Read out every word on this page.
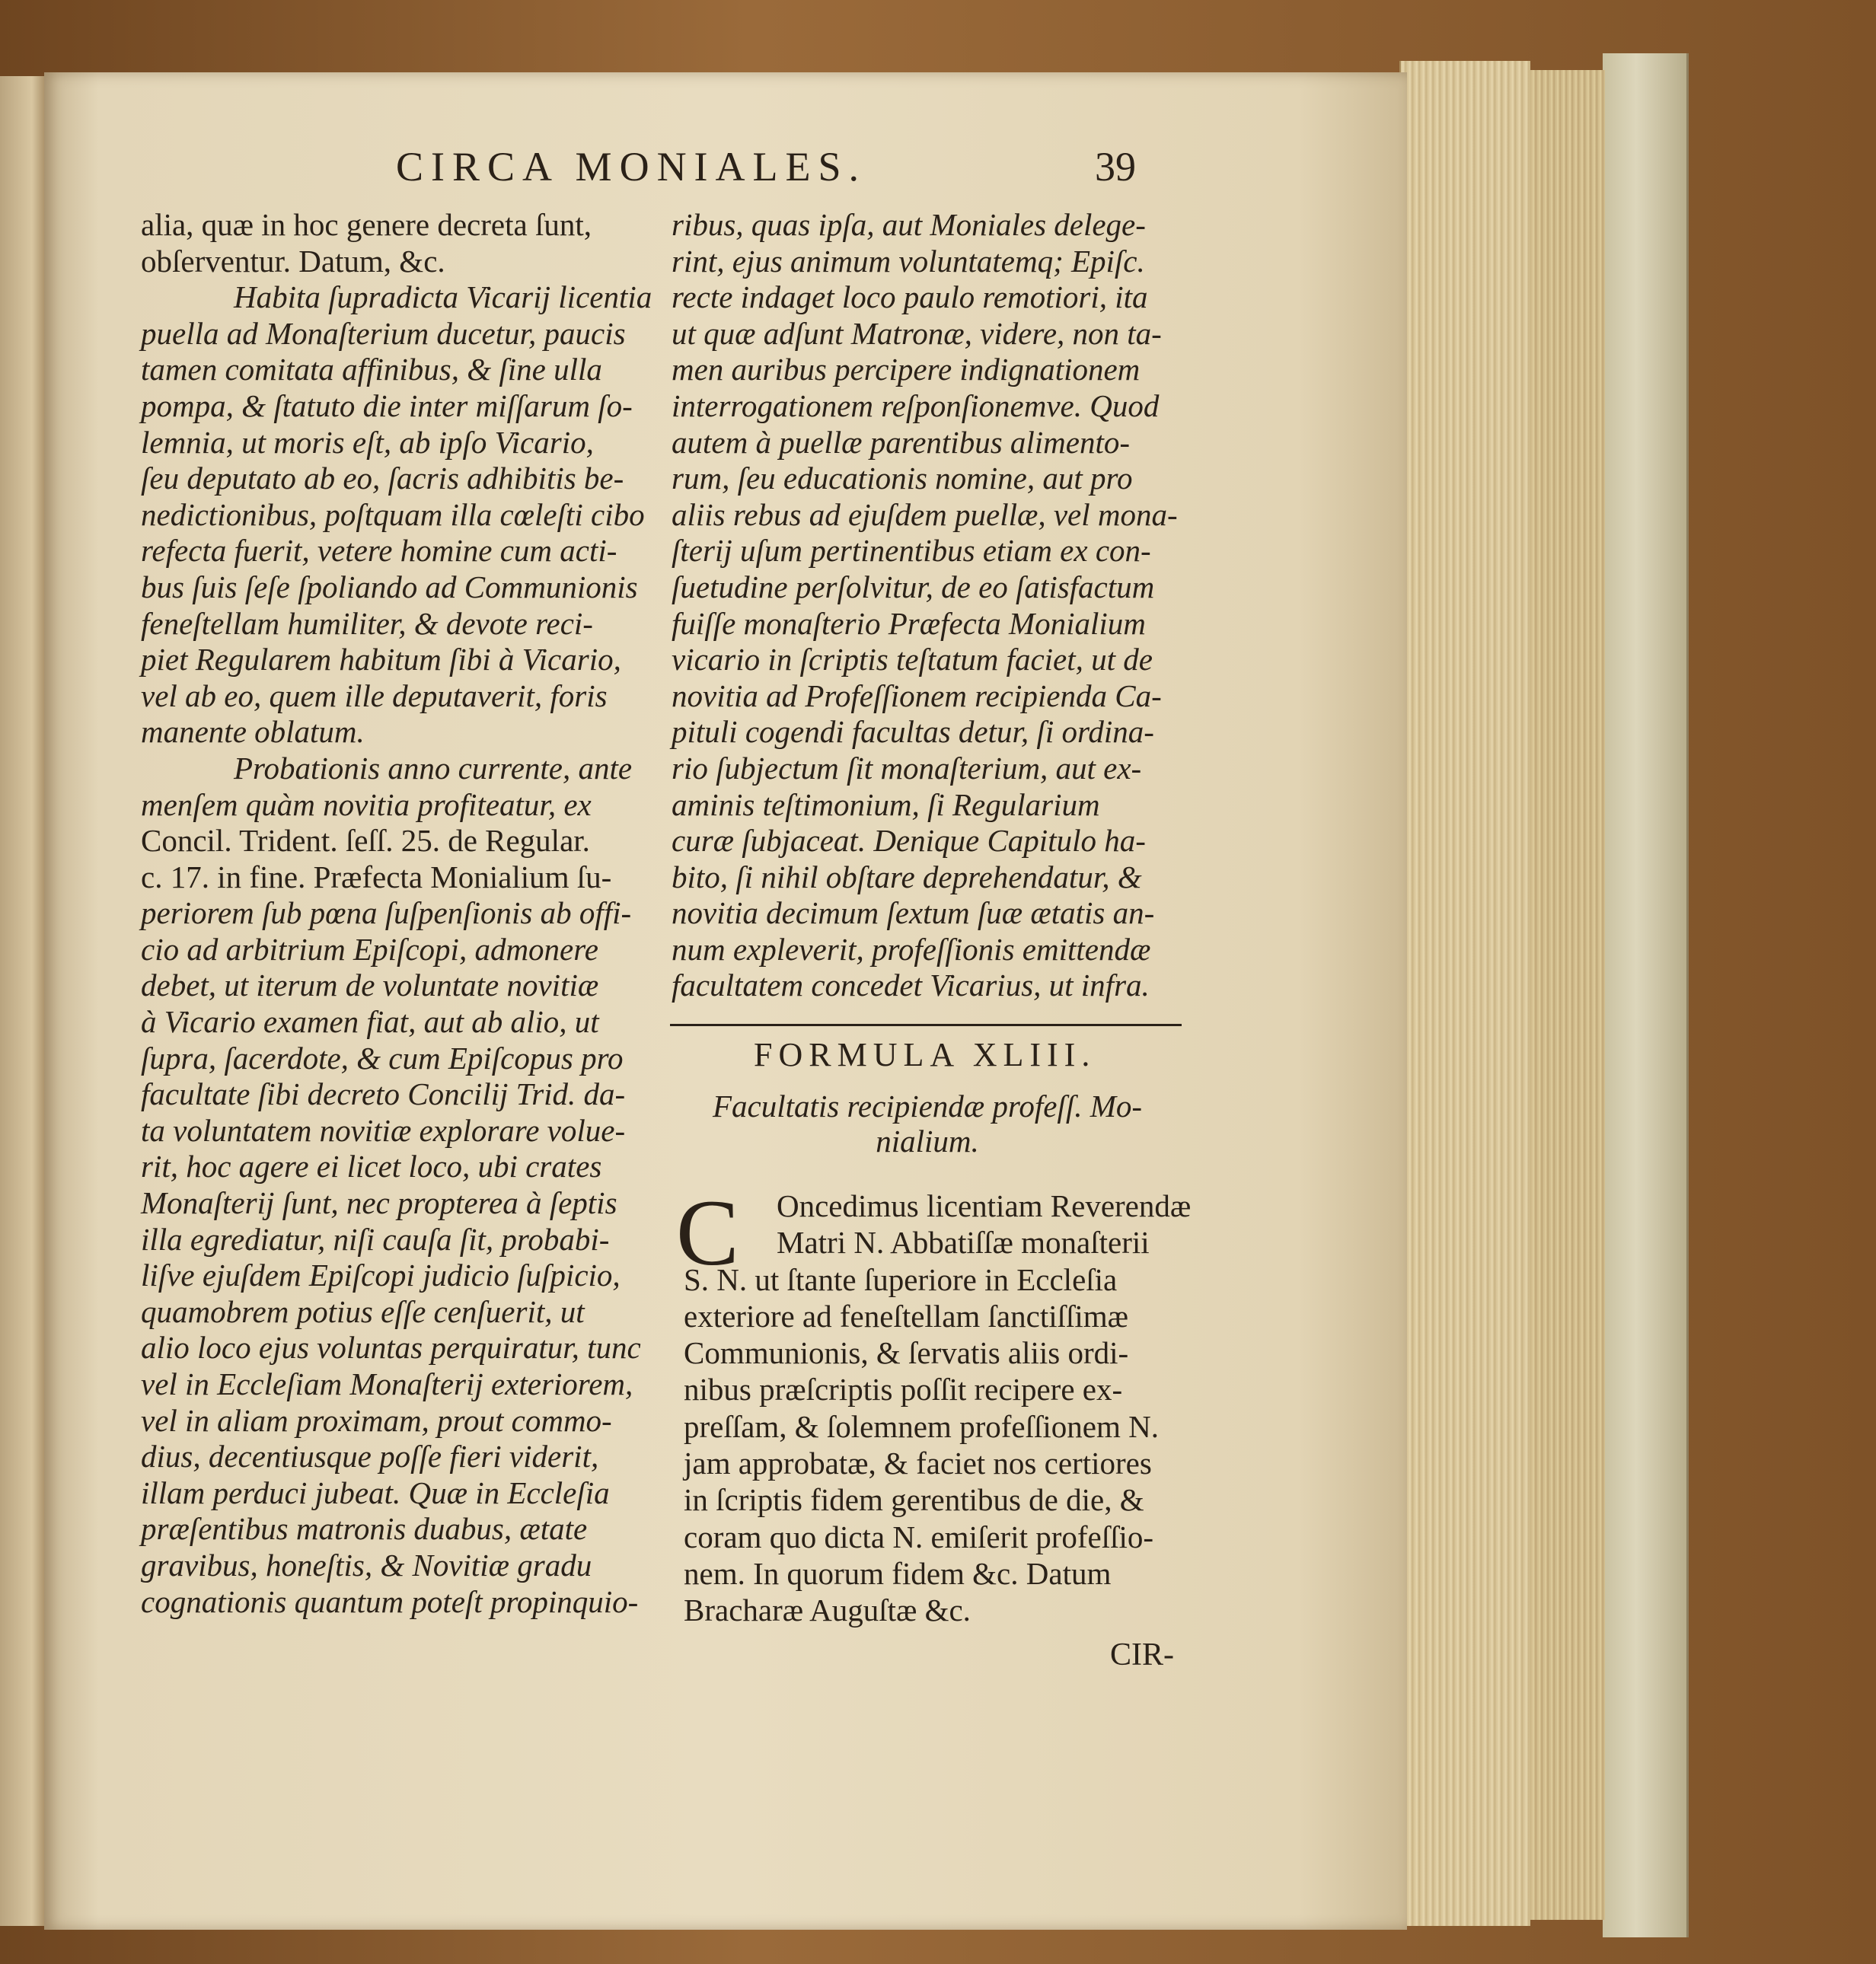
CIRCA MONIALES.	39
alia, quæ in hoc genere decreta ſunt,
obſerventur. Datum, &c.
Habita ſupradicta Vicarij licentia
puella ad Monaſterium ducetur, paucis
tamen comitata affinibus, & ſine ulla
pompa, & ſtatuto die inter miſſarum ſo-
lemnia, ut moris eſt, ab ipſo Vicario,
ſeu deputato ab eo, ſacris adhibitis be-
nedictionibus, poſtquam illa cœleſti cibo
refecta fuerit, vetere homine cum acti-
bus ſuis ſeſe ſpoliando ad Communionis
feneſtellam humiliter, & devote reci-
piet Regularem habitum ſibi à Vicario,
vel ab eo, quem ille deputaverit, foris
manente oblatum.
Probationis anno currente, ante
menſem quàm novitia profiteatur, ex
Concil. Trident. ſeſſ. 25. de Regular.
c. 17. in fine. Præfecta Monialium ſu-
periorem ſub pœna ſuſpenſionis ab offi-
cio ad arbitrium Epiſcopi, admonere
debet, ut iterum de voluntate novitiæ
à Vicario examen fiat, aut ab alio, ut
ſupra, ſacerdote, & cum Epiſcopus pro
facultate ſibi decreto Concilij Trid. da-
ta voluntatem novitiæ explorare volue-
rit, hoc agere ei licet loco, ubi crates
Monaſterij ſunt, nec propterea à ſeptis
illa egrediatur, niſi cauſa ſit, probabi-
liſve ejuſdem Epiſcopi judicio ſuſpicio,
quamobrem potius eſſe cenſuerit, ut
alio loco ejus voluntas perquiratur, tunc
vel in Eccleſiam Monaſterij exteriorem,
vel in aliam proximam, prout commo-
dius, decentiusque poſſe fieri viderit,
illam perduci jubeat. Quæ in Eccleſia
præſentibus matronis duabus, ætate
gravibus, honeſtis, & Novitiæ gradu
cognationis quantum poteſt propinquio-
ribus, quas ipſa, aut Moniales delege-
rint, ejus animum voluntatemq; Epiſc.
recte indaget loco paulo remotiori, ita
ut quæ adſunt Matronæ, videre, non ta-
men auribus percipere indignationem
interrogationem reſponſionemve. Quod
autem à puellæ parentibus alimento-
rum, ſeu educationis nomine, aut pro
aliis rebus ad ejuſdem puellæ, vel mona-
ſterij uſum pertinentibus etiam ex con-
ſuetudine perſolvitur, de eo ſatisfactum
fuiſſe monaſterio Præfecta Monialium
vicario in ſcriptis teſtatum faciet, ut de
novitia ad Profeſſionem recipienda Ca-
pituli cogendi facultas detur, ſi ordina-
rio ſubjectum ſit monaſterium, aut ex-
aminis teſtimonium, ſi Regularium
curæ ſubjaceat. Denique Capitulo ha-
bito, ſi nihil obſtare deprehendatur, &
novitia decimum ſextum ſuæ ætatis an-
num expleverit, profeſſionis emittendæ
facultatem concedet Vicarius, ut infra.
FORMULA XLIII.
Facultatis recipiendæ profeſſ. Mo-nialium.
C	Oncedimus licentiam Reverendæ
Matri N. Abbatiſſæ monaſterii
S. N. ut ſtante ſuperiore in Eccleſia
exteriore ad feneſtellam ſanctiſſimæ
Communionis, & ſervatis aliis ordi-
nibus præſcriptis poſſit recipere ex-
preſſam, & ſolemnem profeſſionem N.
jam approbatæ, & faciet nos certiores
in ſcriptis fidem gerentibus de die, &
coram quo dicta N. emiſerit profeſſio-
nem. In quorum fidem &c. Datum
Bracharæ Auguſtæ &c.
CIR-
